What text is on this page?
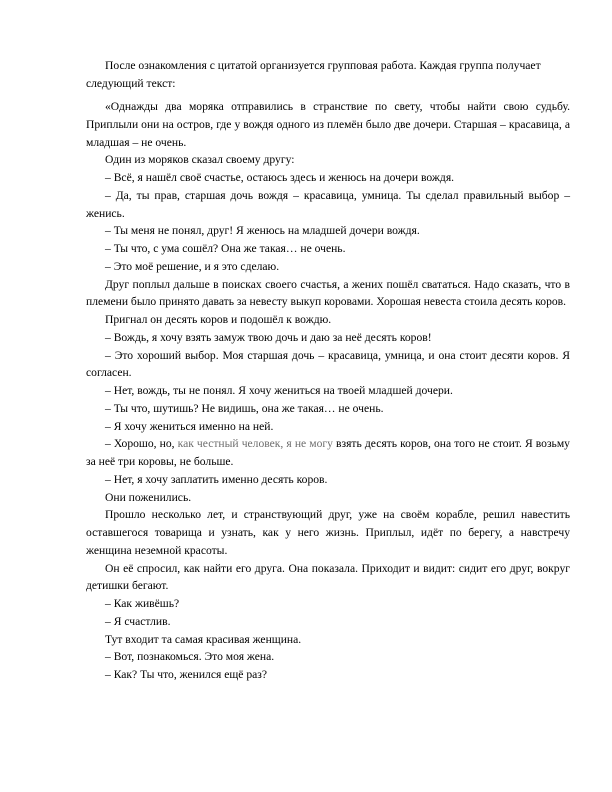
После ознакомления с цитатой организуется групповая работа. Каждая группа получает следующий текст:

«Однажды два моряка отправились в странствие по свету, чтобы найти свою судьбу. Приплыли они на остров, где у вождя одного из племён было две дочери. Старшая – красавица, а младшая – не очень.

Один из моряков сказал своему другу:

– Всё, я нашёл своё счастье, остаюсь здесь и женюсь на дочери вождя.

– Да, ты прав, старшая дочь вождя – красавица, умница. Ты сделал правильный выбор – женись.

– Ты меня не понял, друг! Я женюсь на младшей дочери вождя.

– Ты что, с ума сошёл? Она же такая… не очень.

– Это моё решение, и я это сделаю.

Друг поплыл дальше в поисках своего счастья, а жених пошёл свататься. Надо сказать, что в племени было принято давать за невесту выкуп коровами. Хорошая невеста стоила десять коров.

Пригнал он десять коров и подошёл к вождю.

– Вождь, я хочу взять замуж твою дочь и даю за неё десять коров!

– Это хороший выбор. Моя старшая дочь – красавица, умница, и она стоит десяти коров. Я согласен.

– Нет, вождь, ты не понял. Я хочу жениться на твоей младшей дочери.

– Ты что, шутишь? Не видишь, она же такая… не очень.

– Я хочу жениться именно на ней.

– Хорошо, но, как честный человек, я не могу взять десять коров, она того не стоит. Я возьму за неё три коровы, не больше.

– Нет, я хочу заплатить именно десять коров.

Они поженились.

Прошло несколько лет, и странствующий друг, уже на своём корабле, решил навестить оставшегося товарища и узнать, как у него жизнь. Приплыл, идёт по берегу, а навстречу женщина неземной красоты.

Он её спросил, как найти его друга. Она показала. Приходит и видит: сидит его друг, вокруг детишки бегают.

– Как живёшь?

– Я счастлив.

Тут входит та самая красивая женщина.

– Вот, познакомься. Это моя жена.

– Как? Ты что, женился ещё раз?
